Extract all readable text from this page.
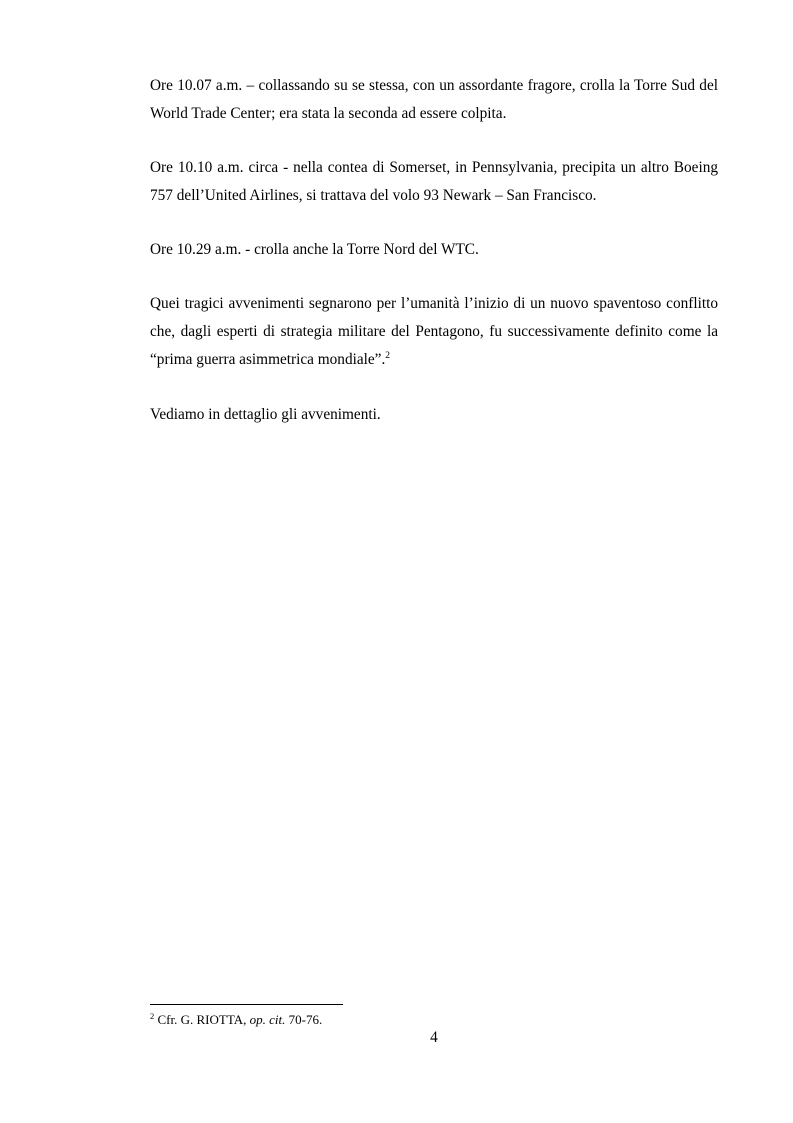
Ore 10.07 a.m. – collassando su se stessa, con un assordante fragore, crolla la Torre Sud del World Trade Center; era stata la seconda ad essere colpita.

Ore 10.10 a.m. circa - nella contea di Somerset, in Pennsylvania, precipita un altro Boeing 757 dell’United Airlines, si trattava del volo 93 Newark – San Francisco.

Ore 10.29 a.m. - crolla anche la Torre Nord del WTC.

Quei tragici avvenimenti segnarono per l’umanità l’inizio di un nuovo spaventoso conflitto che, dagli esperti di strategia militare del Pentagono, fu successivamente definito come la “prima guerra asimmetrica mondiale”.$^2$

Vediamo in dettaglio gli avvenimenti.

$^2$ Cfr. G. RIOTTA, op. cit. 70-76.

4
